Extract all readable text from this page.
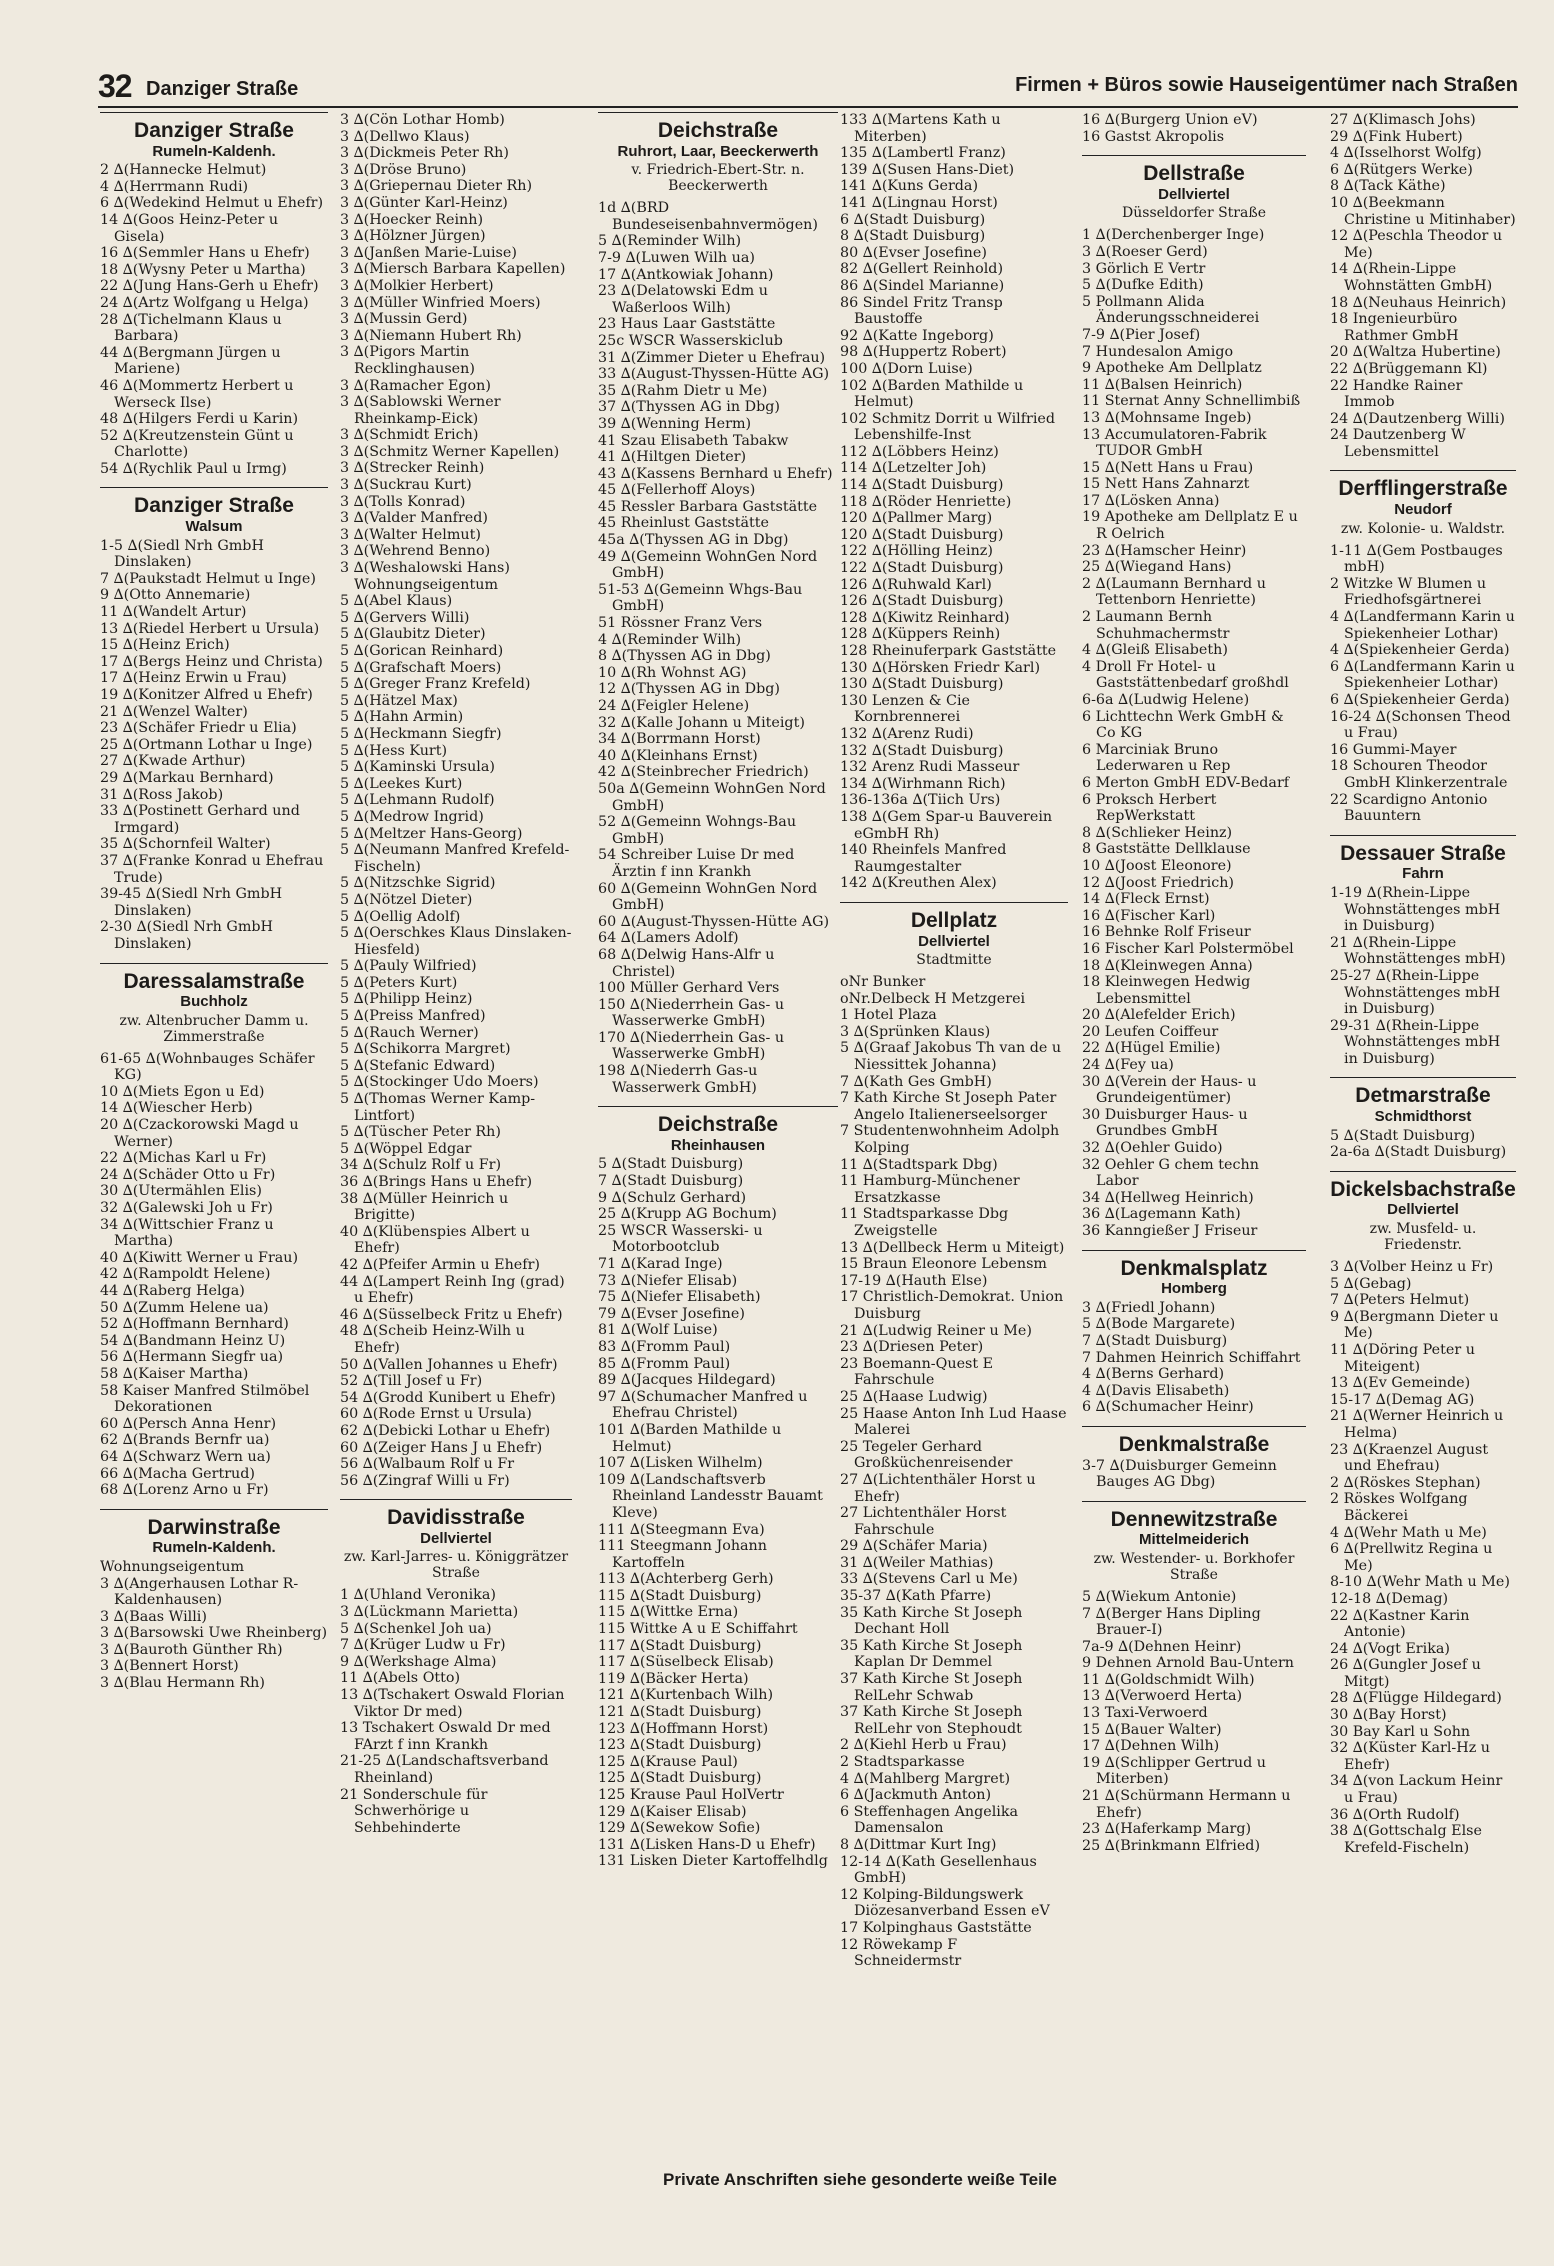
32 Danziger Straße	Firmen + Büros sowie Hauseigentümer nach Straßen
Danziger Straße
Rumeln-Kaldenh.
2 ∆(Hannecke Helmut)
4 ∆(Herrmann Rudi)
6 ∆(Wedekind Helmut u Ehefr)
14 ∆(Goos Heinz-Peter u Gisela)
16 ∆(Semmler Hans u Ehefr)
18 ∆(Wysny Peter u Martha)
22 ∆(Jung Hans-Gerh u Ehefr)
24 ∆(Artz Wolfgang u Helga)
28 ∆(Tichelmann Klaus u Barbara)
44 ∆(Bergmann Jürgen u Mariene)
46 ∆(Mommertz Herbert u Werseck Ilse)
48 ∆(Hilgers Ferdi u Karin)
52 ∆(Kreutzenstein Günt u Charlotte)
54 ∆(Rychlik Paul u Irmg)
Danziger Straße
Walsum
1-5 ∆(Siedl Nrh GmbH Dinslaken)
7 ∆(Paukstadt Helmut u Inge)
9 ∆(Otto Annemarie)
11 ∆(Wandelt Artur)
13 ∆(Riedel Herbert u Ursula)
15 ∆(Heinz Erich)
17 ∆(Bergs Heinz und Christa)
17 ∆(Heinz Erwin u Frau)
19 ∆(Konitzer Alfred u Ehefr)
21 ∆(Wenzel Walter)
23 ∆(Schäfer Friedr u Elia)
25 ∆(Ortmann Lothar u Inge)
27 ∆(Kwade Arthur)
29 ∆(Markau Bernhard)
31 ∆(Ross Jakob)
33 ∆(Postinett Gerhard und Irmgard)
35 ∆(Schornfeil Walter)
37 ∆(Franke Konrad u Ehefrau Trude)
39-45 ∆(Siedl Nrh GmbH Dinslaken)
2-30 ∆(Siedl Nrh GmbH Dinslaken)
Daressalamstraße
Buchholz
zw. Altenbrucher Damm u. Zimmerstraße
61-65 ∆(Wohnbauges Schäfer KG)
10 ∆(Miets Egon u Ed)
14 ∆(Wiescher Herb)
20 ∆(Czackorowski Magd u Werner)
22 ∆(Michas Karl u Fr)
24 ∆(Schäder Otto u Fr)
30 ∆(Utermählen Elis)
32 ∆(Galewski Joh u Fr)
34 ∆(Wittschier Franz u Martha)
40 ∆(Kiwitt Werner u Frau)
42 ∆(Rampoldt Helene)
44 ∆(Raberg Helga)
50 ∆(Zumm Helene ua)
52 ∆(Hoffmann Bernhard)
54 ∆(Bandmann Heinz U)
56 ∆(Hermann Siegfr ua)
58 ∆(Kaiser Martha)
58 Kaiser Manfred Stilmöbel Dekorationen
60 ∆(Persch Anna Henr)
62 ∆(Brands Bernfr ua)
64 ∆(Schwarz Wern ua)
66 ∆(Macha Gertrud)
68 ∆(Lorenz Arno u Fr)
Darwinstraße
Rumeln-Kaldenh.
Wohnungseigentum
3 ∆(Angerhausen Lothar R-Kaldenhausen)
3 ∆(Baas Willi)
3 ∆(Barsowski Uwe Rheinberg)
3 ∆(Bauroth Günther Rh)
3 ∆(Bennert Horst)
3 ∆(Blau Hermann Rh)
3 ∆(Cön Lothar Homb)
3 ∆(Dellwo Klaus)
3 ∆(Dickmeis Peter Rh)
3 ∆(Dröse Bruno)
3 ∆(Griepernau Dieter Rh)
3 ∆(Günter Karl-Heinz)
3 ∆(Hoecker Reinh)
3 ∆(Hölzner Jürgen)
3 ∆(Janßen Marie-Luise)
3 ∆(Miersch Barbara Kapellen)
3 ∆(Molkier Herbert)
3 ∆(Müller Winfried Moers)
3 ∆(Mussin Gerd)
3 ∆(Niemann Hubert Rh)
3 ∆(Pigors Martin Recklinghausen)
3 ∆(Ramacher Egon)
3 ∆(Sablowski Werner Rheinkamp-Eick)
3 ∆(Schmidt Erich)
3 ∆(Schmitz Werner Kapellen)
3 ∆(Strecker Reinh)
3 ∆(Suckrau Kurt)
3 ∆(Tolls Konrad)
3 ∆(Valder Manfred)
3 ∆(Walter Helmut)
3 ∆(Wehrend Benno)
3 ∆(Weshalowski Hans) Wohnungseigentum
5 ∆(Abel Klaus)
5 ∆(Gervers Willi)
5 ∆(Glaubitz Dieter)
5 ∆(Gorican Reinhard)
5 ∆(Grafschaft Moers)
5 ∆(Greger Franz Krefeld)
5 ∆(Hätzel Max)
5 ∆(Hahn Armin)
5 ∆(Heckmann Siegfr)
5 ∆(Hess Kurt)
5 ∆(Kaminski Ursula)
5 ∆(Leekes Kurt)
5 ∆(Lehmann Rudolf)
5 ∆(Medrow Ingrid)
5 ∆(Meltzer Hans-Georg)
5 ∆(Neumann Manfred Krefeld-Fischeln)
5 ∆(Nitzschke Sigrid)
5 ∆(Nötzel Dieter)
5 ∆(Oellig Adolf)
5 ∆(Oerschkes Klaus Dinslaken-Hiesfeld)
5 ∆(Pauly Wilfried)
5 ∆(Peters Kurt)
5 ∆(Philipp Heinz)
5 ∆(Preiss Manfred)
5 ∆(Rauch Werner)
5 ∆(Schikorra Margret)
5 ∆(Stefanic Edward)
5 ∆(Stockinger Udo Moers)
5 ∆(Thomas Werner Kamp-Lintfort)
5 ∆(Tüscher Peter Rh)
5 ∆(Wöppel Edgar
34 ∆(Schulz Rolf u Fr)
36 ∆(Brings Hans u Ehefr)
38 ∆(Müller Heinrich u Brigitte)
40 ∆(Klübenspies Albert u Ehefr)
42 ∆(Pfeifer Armin u Ehefr)
44 ∆(Lampert Reinh Ing (grad) u Ehefr)
46 ∆(Süsselbeck Fritz u Ehefr)
48 ∆(Scheib Heinz-Wilh u Ehefr)
50 ∆(Vallen Johannes u Ehefr)
52 ∆(Till Josef u Fr)
54 ∆(Grodd Kunibert u Ehefr)
60 ∆(Rode Ernst u Ursula)
62 ∆(Debicki Lothar u Ehefr)
60 ∆(Zeiger Hans J u Ehefr)
56 ∆(Walbaum Rolf u Fr
56 ∆(Zingraf Willi u Fr)
Davidisstraße
Dellviertel
zw. Karl-Jarres- u. Königgrätzer Straße
1 ∆(Uhland Veronika)
3 ∆(Lückmann Marietta)
5 ∆(Schenkel Joh ua)
7 ∆(Krüger Ludw u Fr)
9 ∆(Werkshage Alma)
11 ∆(Abels Otto)
13 ∆(Tschakert Oswald Florian Viktor Dr med)
13 Tschakert Oswald Dr med FArzt f inn Krankh
21-25 ∆(Landschaftsverband Rheinland)
21 Sonderschule für Schwerhörige u Sehbehinderte
Deichstraße
Ruhrort, Laar, Beeckerwerth
v. Friedrich-Ebert-Str. n. Beeckerwerth
1d ∆(BRD Bundeseisenbahnvermögen)
5 ∆(Reminder Wilh)
7-9 ∆(Luwen Wilh ua)
17 ∆(Antkowiak Johann)
23 ∆(Delatowski Edm u Waßerloos Wilh)
23 Haus Laar Gaststätte
25c WSCR Wasserskiclub
31 ∆(Zimmer Dieter u Ehefrau)
33 ∆(August-Thyssen-Hütte AG)
35 ∆(Rahm Dietr u Me)
37 ∆(Thyssen AG in Dbg)
39 ∆(Wenning Herm)
41 Szau Elisabeth Tabakw
41 ∆(Hiltgen Dieter)
43 ∆(Kassens Bernhard u Ehefr)
45 ∆(Fellerhoff Aloys)
45 Ressler Barbara Gaststätte
45 Rheinlust Gaststätte
45a ∆(Thyssen AG in Dbg)
49 ∆(Gemeinn WohnGen Nord GmbH)
51-53 ∆(Gemeinn Whgs-Bau GmbH)
51 Rössner Franz Vers
4 ∆(Reminder Wilh)
8 ∆(Thyssen AG in Dbg)
10 ∆(Rh Wohnst AG)
12 ∆(Thyssen AG in Dbg)
24 ∆(Feigler Helene)
32 ∆(Kalle Johann u Miteigt)
34 ∆(Borrmann Horst)
40 ∆(Kleinhans Ernst)
42 ∆(Steinbrecher Friedrich)
50a ∆(Gemeinn WohnGen Nord GmbH)
52 ∆(Gemeinn Wohngs-Bau GmbH)
54 Schreiber Luise Dr med Ärztin f inn Krankh
60 ∆(Gemeinn WohnGen Nord GmbH)
60 ∆(August-Thyssen-Hütte AG)
64 ∆(Lamers Adolf)
68 ∆(Delwig Hans-Alfr u Christel)
100 Müller Gerhard Vers
150 ∆(Niederrhein Gas- u Wasserwerke GmbH)
170 ∆(Niederrhein Gas- u Wasserwerke GmbH)
198 ∆(Niederrh Gas-u Wasserwerk GmbH)
Deichstraße
Rheinhausen
5 ∆(Stadt Duisburg)
7 ∆(Stadt Duisburg)
9 ∆(Schulz Gerhard)
25 ∆(Krupp AG Bochum)
25 WSCR Wasserski- u Motorbootclub
71 ∆(Karad Inge)
73 ∆(Niefer Elisab)
75 ∆(Niefer Elisabeth)
79 ∆(Evser Josefine)
81 ∆(Wolf Luise)
83 ∆(Fromm Paul)
85 ∆(Fromm Paul)
89 ∆(Jacques Hildegard)
97 ∆(Schumacher Manfred u Ehefrau Christel)
101 ∆(Barden Mathilde u Helmut)
107 ∆(Lisken Wilhelm)
109 ∆(Landschaftsverb Rheinland Landesstr Bauamt Kleve)
111 ∆(Steegmann Eva)
111 Steegmann Johann Kartoffeln
113 ∆(Achterberg Gerh)
115 ∆(Stadt Duisburg)
115 ∆(Wittke Erna)
115 Wittke A u E Schiffahrt
117 ∆(Stadt Duisburg)
117 ∆(Süselbeck Elisab)
119 ∆(Bäcker Herta)
121 ∆(Kurtenbach Wilh)
121 ∆(Stadt Duisburg)
123 ∆(Hoffmann Horst)
123 ∆(Stadt Duisburg)
125 ∆(Krause Paul)
125 ∆(Stadt Duisburg)
125 Krause Paul HolVertr
129 ∆(Kaiser Elisab)
129 ∆(Sewekow Sofie)
131 ∆(Lisken Hans-D u Ehefr)
131 Lisken Dieter Kartoffelhdlg
133 ∆(Martens Kath u Miterben)
135 ∆(Lambertl Franz)
139 ∆(Susen Hans-Diet)
141 ∆(Kuns Gerda)
141 ∆(Lingnau Horst)
6 ∆(Stadt Duisburg)
8 ∆(Stadt Duisburg)
80 ∆(Evser Josefine)
82 ∆(Gellert Reinhold)
86 ∆(Sindel Marianne)
86 Sindel Fritz Transp Baustoffe
92 ∆(Katte Ingeborg)
98 ∆(Huppertz Robert)
100 ∆(Dorn Luise)
102 ∆(Barden Mathilde u Helmut)
102 Schmitz Dorrit u Wilfried Lebenshilfe-Inst
112 ∆(Löbbers Heinz)
114 ∆(Letzelter Joh)
114 ∆(Stadt Duisburg)
118 ∆(Röder Henriette)
120 ∆(Pallmer Marg)
120 ∆(Stadt Duisburg)
122 ∆(Hölling Heinz)
122 ∆(Stadt Duisburg)
126 ∆(Ruhwald Karl)
126 ∆(Stadt Duisburg)
128 ∆(Kiwitz Reinhard)
128 ∆(Küppers Reinh)
128 Rheinuferpark Gaststätte
130 ∆(Hörsken Friedr Karl)
130 ∆(Stadt Duisburg)
130 Lenzen & Cie Kornbrennerei
132 ∆(Arenz Rudi)
132 ∆(Stadt Duisburg)
132 Arenz Rudi Masseur
134 ∆(Wirhmann Rich)
136-136a ∆(Tiich Urs)
138 ∆(Gem Spar-u Bauverein eGmbH Rh)
140 Rheinfels Manfred Raumgestalter
142 ∆(Kreuthen Alex)
Dellplatz
Dellviertel
Stadtmitte
oNr Bunker
oNr.Delbeck H Metzgerei
1 Hotel Plaza
3 ∆(Sprünken Klaus)
5 ∆(Graaf Jakobus Th van de u Niessittek Johanna)
7 ∆(Kath Ges GmbH)
7 Kath Kirche St Joseph Pater Angelo Italienerseelsorger
7 Studentenwohnheim Adolph Kolping
11 ∆(Stadtspark Dbg)
11 Hamburg-Münchener Ersatzkasse
11 Stadtsparkasse Dbg Zweigstelle
13 ∆(Dellbeck Herm u Miteigt)
15 Braun Eleonore Lebensm
17-19 ∆(Hauth Else)
17 Christlich-Demokrat. Union Duisburg
21 ∆(Ludwig Reiner u Me)
23 ∆(Driesen Peter)
23 Boemann-Quest E Fahrschule
25 ∆(Haase Ludwig)
25 Haase Anton Inh Lud Haase Malerei
25 Tegeler Gerhard Großküchenreisender
27 ∆(Lichtenthäler Horst u Ehefr)
27 Lichtenthäler Horst Fahrschule
29 ∆(Schäfer Maria)
31 ∆(Weiler Mathias)
33 ∆(Stevens Carl u Me)
35-37 ∆(Kath Pfarre)
35 Kath Kirche St Joseph Dechant Holl
35 Kath Kirche St Joseph Kaplan Dr Demmel
37 Kath Kirche St Joseph RelLehr Schwab
37 Kath Kirche St Joseph RelLehr von Stephoudt
2 ∆(Kiehl Herb u Frau)
2 Stadtsparkasse
4 ∆(Mahlberg Margret)
6 ∆(Jackmuth Anton)
6 Steffenhagen Angelika Damensalon
8 ∆(Dittmar Kurt Ing)
12-14 ∆(Kath Gesellenhaus GmbH)
12 Kolping-Bildungswerk Diözesanverband Essen eV
17 Kolpinghaus Gaststätte
12 Röwekamp F Schneidermstr
16 ∆(Burgerg Union eV)
16 Gastst Akropolis
Dellstraße
Dellviertel
Düsseldorfer Straße
1 ∆(Derchenberger Inge)
3 ∆(Roeser Gerd)
3 Görlich E Vertr
5 ∆(Dufke Edith)
5 Pollmann Alida Änderungsschneiderei
7-9 ∆(Pier Josef)
7 Hundesalon Amigo
9 Apotheke Am Dellplatz
11 ∆(Balsen Heinrich)
11 Sternat Anny Schnellimbiß
13 ∆(Mohnsame Ingeb)
13 Accumulatoren-Fabrik TUDOR GmbH
15 ∆(Nett Hans u Frau)
15 Nett Hans Zahnarzt
17 ∆(Lösken Anna)
19 Apotheke am Dellplatz E u R Oelrich
23 ∆(Hamscher Heinr)
25 ∆(Wiegand Hans)
2 ∆(Laumann Bernhard u Tettenborn Henriette)
2 Laumann Bernh Schuhmachermstr
4 ∆(Gleiß Elisabeth)
4 Droll Fr Hotel- u Gaststättenbedarf großhdl
6-6a ∆(Ludwig Helene)
6 Lichttechn Werk GmbH & Co KG
6 Marciniak Bruno Lederwaren u Rep
6 Merton GmbH EDV-Bedarf
6 Proksch Herbert RepWerkstatt
8 ∆(Schlieker Heinz)
8 Gaststätte Dellklause
10 ∆(Joost Eleonore)
12 ∆(Joost Friedrich)
14 ∆(Fleck Ernst)
16 ∆(Fischer Karl)
16 Behnke Rolf Friseur
16 Fischer Karl Polstermöbel
18 ∆(Kleinwegen Anna)
18 Kleinwegen Hedwig Lebensmittel
20 ∆(Alefelder Erich)
20 Leufen Coiffeur
22 ∆(Hügel Emilie)
24 ∆(Fey ua)
30 ∆(Verein der Haus- u Grundeigentümer)
30 Duisburger Haus- u Grundbes GmbH
32 ∆(Oehler Guido)
32 Oehler G chem techn Labor
34 ∆(Hellweg Heinrich)
36 ∆(Lagemann Kath)
36 Kanngießer J Friseur
Denkmalsplatz
Homberg
3 ∆(Friedl Johann)
5 ∆(Bode Margarete)
7 ∆(Stadt Duisburg)
7 Dahmen Heinrich Schiffahrt
4 ∆(Berns Gerhard)
4 ∆(Davis Elisabeth)
6 ∆(Schumacher Heinr)
Denkmalstraße
3-7 ∆(Duisburger Gemeinn Bauges AG Dbg)
Dennewitzstraße
Mittelmeiderich
zw. Westender- u. Borkhofer Straße
5 ∆(Wiekum Antonie)
7 ∆(Berger Hans Dipling Brauer-I)
7a-9 ∆(Dehnen Heinr)
9 Dehnen Arnold Bau-Untern
11 ∆(Goldschmidt Wilh)
13 ∆(Verwoerd Herta)
13 Taxi-Verwoerd
15 ∆(Bauer Walter)
17 ∆(Dehnen Wilh)
19 ∆(Schlipper Gertrud u Miterben)
21 ∆(Schürmann Hermann u Ehefr)
23 ∆(Haferkamp Marg)
25 ∆(Brinkmann Elfried)
27 ∆(Klimasch Johs)
29 ∆(Fink Hubert)
4 ∆(Isselhorst Wolfg)
6 ∆(Rütgers Werke)
8 ∆(Tack Käthe)
10 ∆(Beekmann Christine u Mitinhaber)
12 ∆(Peschla Theodor u Me)
14 ∆(Rhein-Lippe Wohnstätten GmbH)
18 ∆(Neuhaus Heinrich)
18 Ingenieurbüro Rathmer GmbH
20 ∆(Waltza Hubertine)
22 ∆(Brüggemann Kl)
22 Handke Rainer Immob
24 ∆(Dautzenberg Willi)
24 Dautzenberg W Lebensmittel
Derfflingerstraße
Neudorf
zw. Kolonie- u. Waldstr.
1-11 ∆(Gem Postbauges mbH)
2 Witzke W Blumen u Friedhofsgärtnerei
4 ∆(Landfermann Karin u Spiekenheier Lothar)
4 ∆(Spiekenheier Gerda)
6 ∆(Landfermann Karin u Spiekenheier Lothar)
6 ∆(Spiekenheier Gerda)
16-24 ∆(Schonsen Theod u Frau)
16 Gummi-Mayer
18 Schouren Theodor GmbH Klinkerzentrale
22 Scardigno Antonio Bauuntern
Dessauer Straße
Fahrn
1-19 ∆(Rhein-Lippe Wohnstättenges mbH in Duisburg)
21 ∆(Rhein-Lippe Wohnstättenges mbH)
25-27 ∆(Rhein-Lippe Wohnstättenges mbH in Duisburg)
29-31 ∆(Rhein-Lippe Wohnstättenges mbH in Duisburg)
Detmarstraße
Schmidthorst
5 ∆(Stadt Duisburg)
2a-6a ∆(Stadt Duisburg)
Dickelsbachstraße
Dellviertel
zw. Musfeld- u. Friedenstr.
3 ∆(Volber Heinz u Fr)
5 ∆(Gebag)
7 ∆(Peters Helmut)
9 ∆(Bergmann Dieter u Me)
11 ∆(Döring Peter u Miteigent)
13 ∆(Ev Gemeinde)
15-17 ∆(Demag AG)
21 ∆(Werner Heinrich u Helma)
23 ∆(Kraenzel August und Ehefrau)
2 ∆(Röskes Stephan)
2 Röskes Wolfgang Bäckerei
4 ∆(Wehr Math u Me)
6 ∆(Prellwitz Regina u Me)
8-10 ∆(Wehr Math u Me)
12-18 ∆(Demag)
22 ∆(Kastner Karin Antonie)
24 ∆(Vogt Erika)
26 ∆(Gungler Josef u Mitgt)
28 ∆(Flügge Hildegard)
30 ∆(Bay Horst)
30 Bay Karl u Sohn
32 ∆(Küster Karl-Hz u Ehefr)
34 ∆(von Lackum Heinr u Frau)
36 ∆(Orth Rudolf)
38 ∆(Gottschalg Else Krefeld-Fischeln)
Private Anschriften siehe gesonderte weiße Teile
